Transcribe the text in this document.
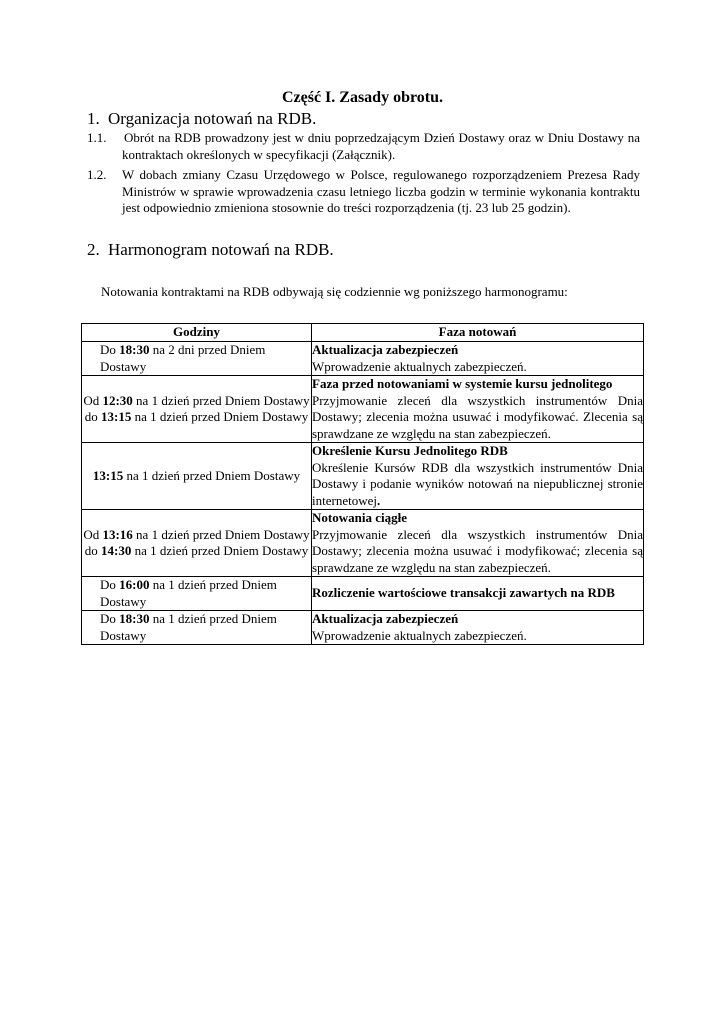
Część I. Zasady obrotu.
1. Organizacja notowań na RDB.
1.1. Obrót na RDB prowadzony jest w dniu poprzedzającym Dzień Dostawy oraz w Dniu Dostawy na kontraktach określonych w specyfikacji (Załącznik).
1.2. W dobach zmiany Czasu Urzędowego w Polsce, regulowanego rozporządzeniem Prezesa Rady Ministrów w sprawie wprowadzenia czasu letniego liczba godzin w terminie wykonania kontraktu jest odpowiednio zmieniona stosownie do treści rozporządzenia (tj. 23 lub 25 godzin).
2. Harmonogram notowań na RDB.
Notowania kontraktami na RDB odbywają się codziennie wg poniższego harmonogramu:
Godziny	Faza notowań
Do 18:30 na 2 dni przed Dniem Dostawy	Aktualizacja zabezpieczeń
Wprowadzenie aktualnych zabezpieczeń.
Od 12:30 na 1 dzień przed Dniem Dostawy do 13:15 na 1 dzień przed Dniem Dostawy	Faza przed notowaniami w systemie kursu jednolitego
Przyjmowanie zleceń dla wszystkich instrumentów Dnia Dostawy; zlecenia można usuwać i modyfikować. Zlecenia są sprawdzane ze względu na stan zabezpieczeń.
13:15 na 1 dzień przed Dniem Dostawy	Określenie Kursu Jednolitego RDB
Określenie Kursów RDB dla wszystkich instrumentów Dnia Dostawy i podanie wyników notowań na niepublicznej stronie internetowej.
Od 13:16 na 1 dzień przed Dniem Dostawy do 14:30 na 1 dzień przed Dniem Dostawy	Notowania ciągłe
Przyjmowanie zleceń dla wszystkich instrumentów Dnia Dostawy; zlecenia można usuwać i modyfikować; zlecenia są sprawdzane ze względu na stan zabezpieczeń.
Do 16:00 na 1 dzień przed Dniem Dostawy	Rozliczenie wartościowe transakcji zawartych na RDB

Do 18:30 na 1 dzień przed Dniem Dostawy	Aktualizacja zabezpieczeń
Wprowadzenie aktualnych zabezpieczeń.
